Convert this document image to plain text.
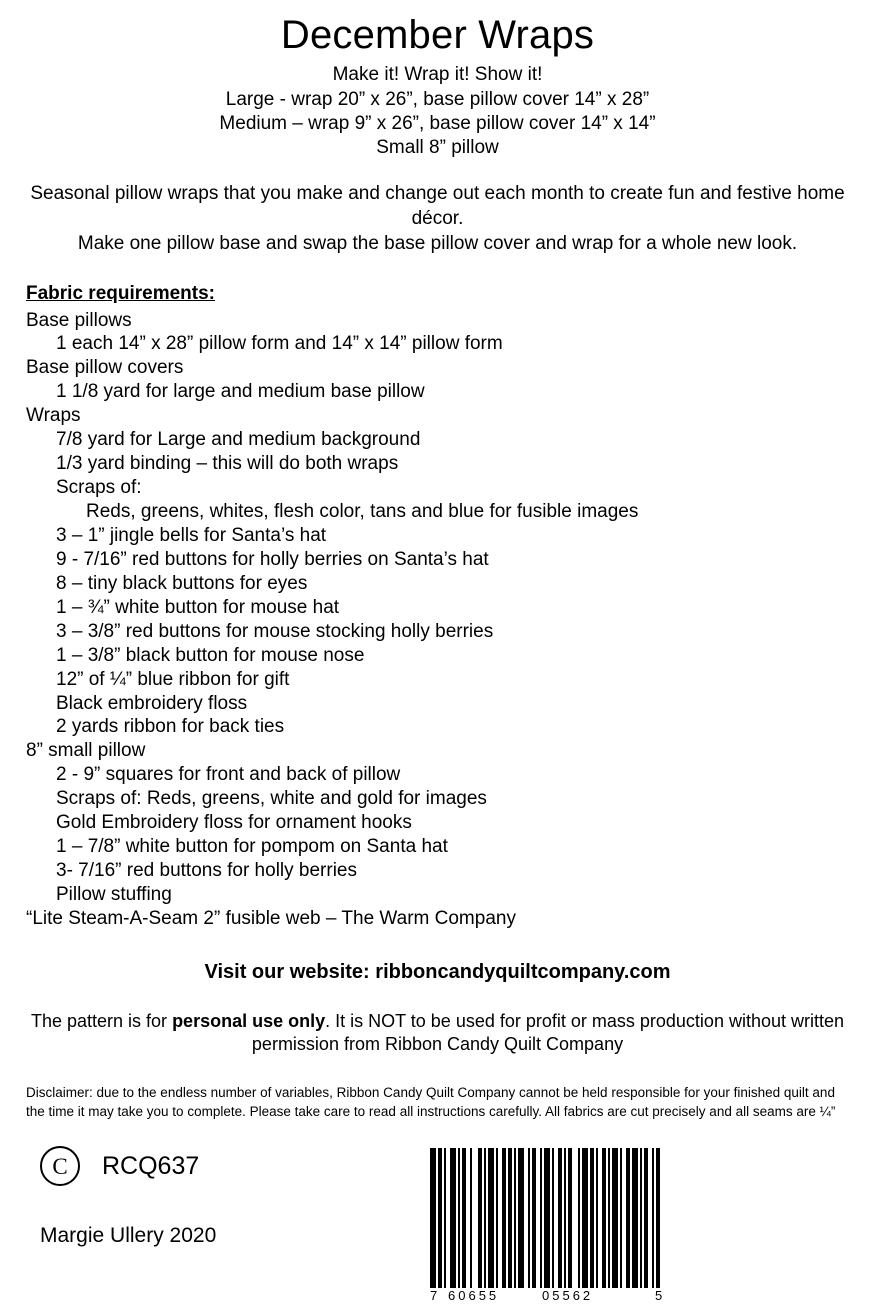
December Wraps
Make it! Wrap it! Show it!
Large - wrap 20” x 26”, base pillow cover 14” x 28”
Medium – wrap 9” x 26”, base pillow cover 14” x 14”
Small 8” pillow
Seasonal pillow wraps that you make and change out each month to create fun and festive home décor.
Make one pillow base and swap the base pillow cover and wrap for a whole new look.
Fabric requirements:
Base pillows
1 each 14” x 28” pillow form and 14” x 14” pillow form
Base pillow covers
1 1/8 yard for large and medium base pillow
Wraps
7/8 yard for Large and medium background
1/3 yard binding – this will do both wraps
Scraps of:
Reds, greens, whites, flesh color, tans and blue for fusible images
3 – 1” jingle bells for Santa’s hat
9 - 7/16” red buttons for holly berries on Santa’s hat
8 – tiny black buttons for eyes
1 – ¾” white button for mouse hat
3 – 3/8” red buttons for mouse stocking holly berries
1 – 3/8” black button for mouse nose
12” of ¼” blue ribbon for gift
Black embroidery floss
2 yards ribbon for back ties
8” small pillow
2 - 9” squares for front and back of pillow
Scraps of: Reds, greens, white and gold for images
Gold Embroidery floss for ornament hooks
1 – 7/8” white button for pompom on Santa hat
3- 7/16” red buttons for holly berries
Pillow stuffing
“Lite Steam-A-Seam 2” fusible web – The Warm Company
Visit our website: ribboncandyquiltcompany.com
The pattern is for personal use only. It is NOT to be used for profit or mass production without written permission from Ribbon Candy Quilt Company
Disclaimer: due to the endless number of variables, Ribbon Candy Quilt Company cannot be held responsible for your finished quilt and the time it may take you to complete. Please take care to read all instructions carefully. All fabrics are cut precisely and all seams are ¼”
C	RCQ637
Margie Ullery 2020
7 60655	05562	5
